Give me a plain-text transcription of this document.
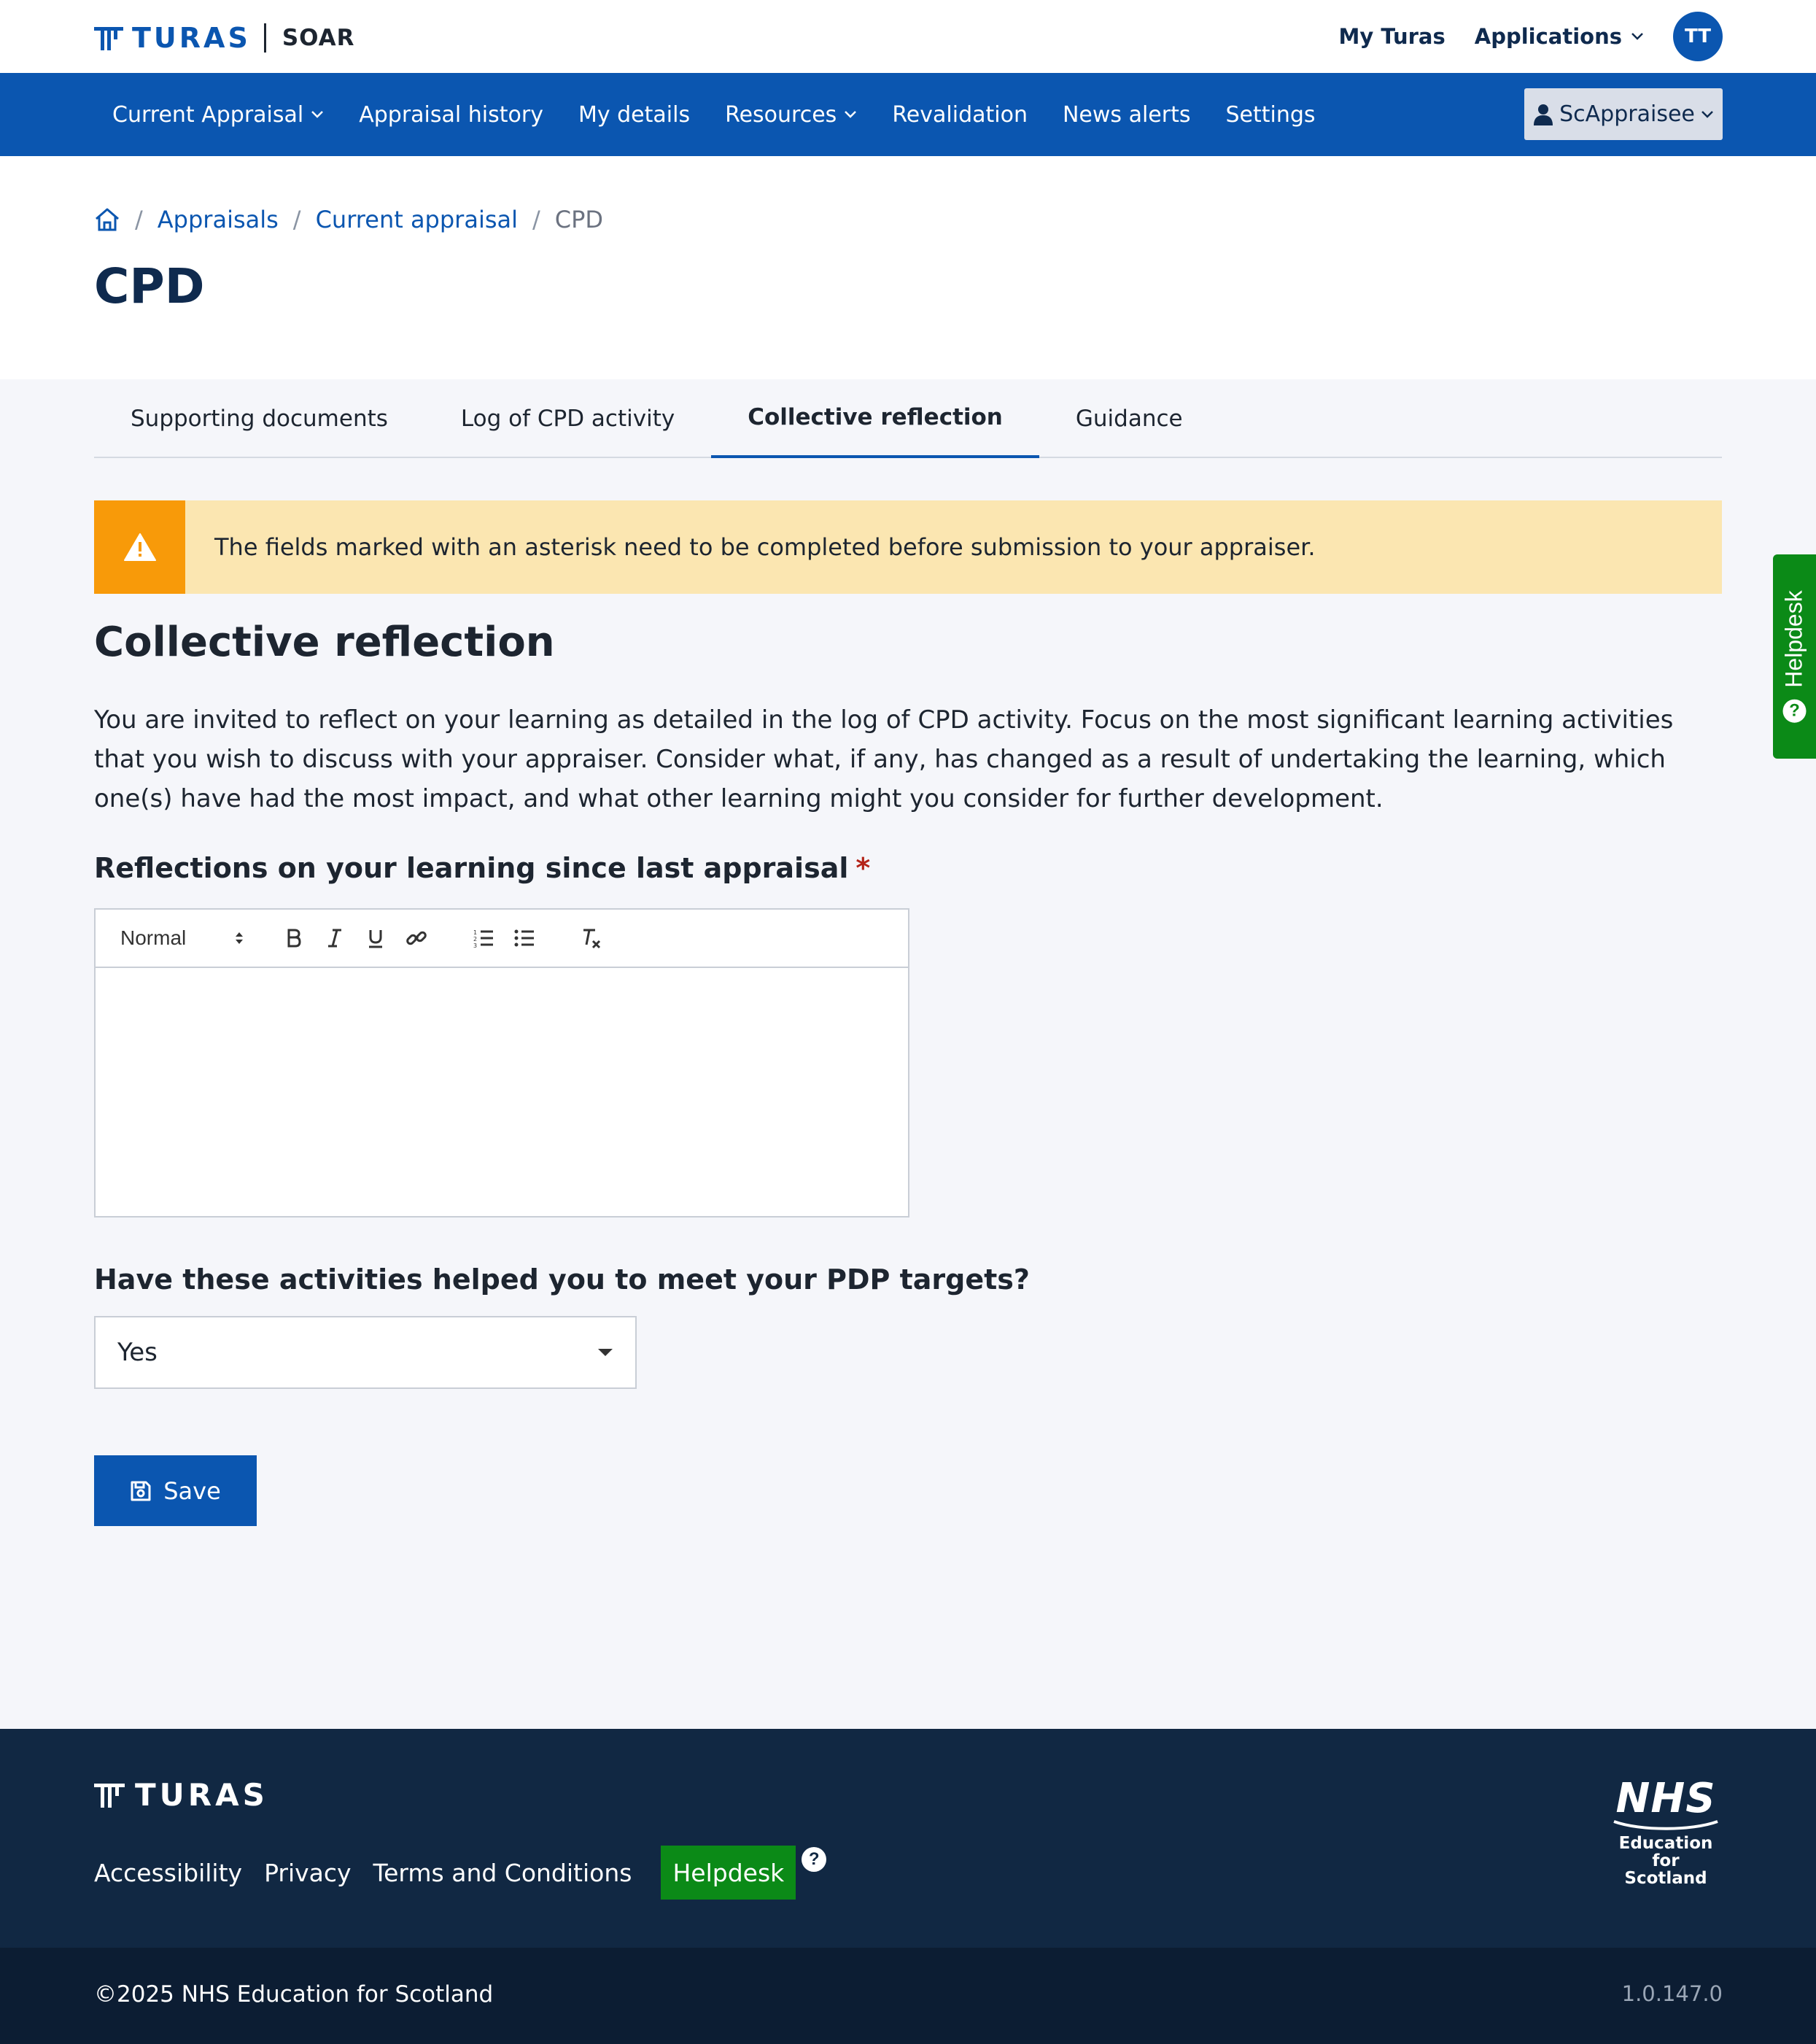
TURAS SOAR	My Turas Applications	TT
Current Appraisal	Appraisal history My details Resources	Revalidation News alerts Settings	ScAppraisee
/ Appraisals / Current appraisal / CPD
CPD
Supporting documents	Log of CPD activity	Collective reflection	Guidance
The fields marked with an asterisk need to be completed before submission to your appraiser.
Collective reflection

You are invited to reflect on your learning as detailed in the log of CPD activity. Focus on the most significant learning activities that you wish to discuss with your appraiser. Consider what, if any, has changed as a result of undertaking the learning, which one(s) have had the most impact, and what other learning might you consider for further development.

Reflections on your learning since last appraisal *
Normal	1
2
3
Have these activities helped you to meet your PDP targets?
Yes
Save
?
Helpdesk
TURAS
Accessibility Privacy Terms and Conditions	Helpdesk	?
NHS
Education
for
Scotland
©2025 NHS Education for Scotland	1.0.147.0
